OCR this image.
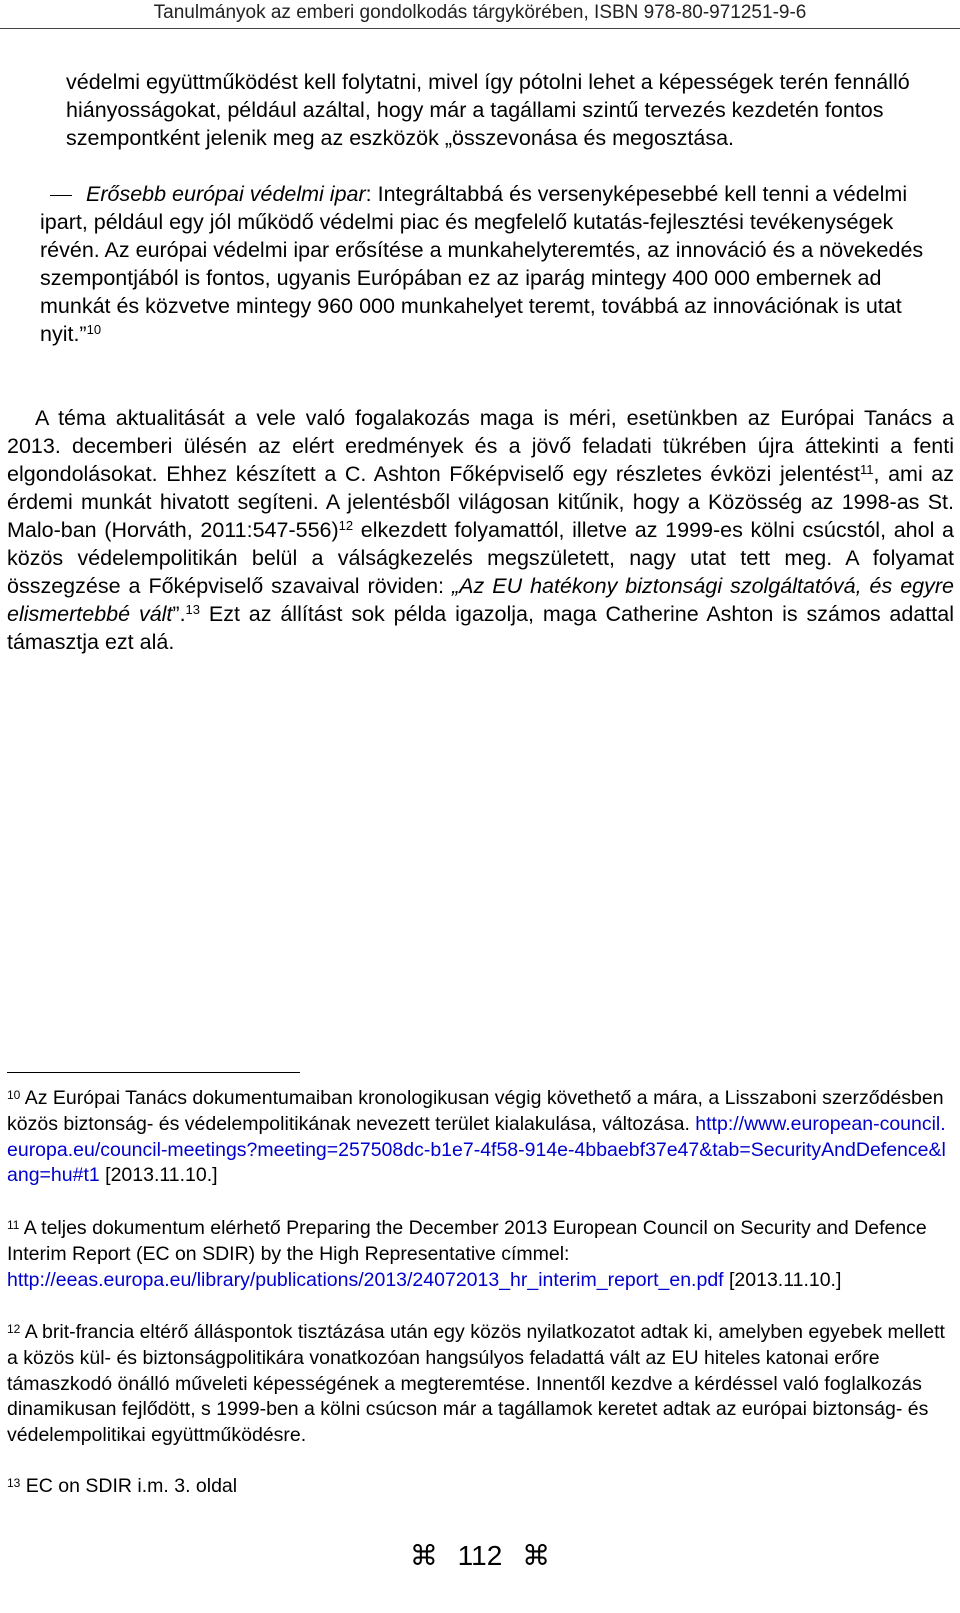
Tanulmányok az emberi gondolkodás tárgykörében, ISBN 978-80-971251-9-6

védelmi együttműködést kell folytatni, mivel így pótolni lehet a képességek terén fennálló hiányosságokat, például azáltal, hogy már a tagállami szintű tervezés kezdetén fontos szempontként jelenik meg az eszközök „összevonása és megosztása.

Erősebb európai védelmi ipar: Integráltabbá és versenyképesebbé kell tenni a védelmi ipart, például egy jól működő védelmi piac és megfelelő kutatás-fejlesztési tevékenységek révén. Az európai védelmi ipar erősítése a munkahelyteremtés, az innováció és a növekedés szempontjából is fontos, ugyanis Európában ez az iparág mintegy 400 000 embernek ad munkát és közvetve mintegy 960 000 munkahelyet teremt, továbbá az innovációnak is utat nyit.”$^{10}$

A téma aktualitását a vele való fogalakozás maga is méri, esetünkben az Európai Tanács a 2013. decemberi ülésén az elért eredmények és a jövő feladati tükrében újra áttekinti a fenti elgondolásokat. Ehhez készített a C. Ashton Főképviselő egy részletes évközi jelentést$^{11}$, ami az érdemi munkát hivatott segíteni. A jelentésből világosan kitűnik, hogy a Közösség az 1998-as St. Malo-ban (Horváth, 2011:547-556)$^{12}$ elkezdett folyamattól, illetve az 1999-es kölni csúcstól, ahol a közös védelempolitikán belül a válságkezelés megszületett, nagy utat tett meg. A folyamat összegzése a Főképviselő szavaival röviden: „Az EU hatékony biztonsági szolgáltatóvá, és egyre elismertebbé vált”.$^{13}$ Ezt az állítást sok példa igazolja, maga Catherine Ashton is számos adattal támasztja ezt alá.

$^{10}$ Az Európai Tanács dokumentumaiban kronologikusan végig követhető a mára, a Lisszaboni szerződésben közös biztonság- és védelempolitikának nevezett terület kialakulása, változása. http://www.european-council.europa.eu/council-meetings?meeting=257508dc-b1e7-4f58-914e-4bbaebf37e47&tab=SecurityAndDefence&lang=hu#t1 [2013.11.10.]

$^{11}$ A teljes dokumentum elérhető Preparing the December 2013 European Council on Security and Defence Interim Report (EC on SDIR) by the High Representative címmel: http://eeas.europa.eu/library/publications/2013/24072013_hr_interim_report_en.pdf [2013.11.10.]

$^{12}$ A brit-francia eltérő álláspontok tisztázása után egy közös nyilatkozatot adtak ki, amelyben egyebek mellett a közös kül- és biztonságpolitikára vonatkozóan hangsúlyos feladattá vált az EU hiteles katonai erőre támaszkodó önálló műveleti képességének a megteremtése. Innentől kezdve a kérdéssel való foglalkozás dinamikusan fejlődött, s 1999-ben a kölni csúcson már a tagállamok keretet adtak az európai biztonság- és védelempolitikai együttműködésre.

$^{13}$ EC on SDIR i.m. 3. oldal

⌘ 112 ⌘
